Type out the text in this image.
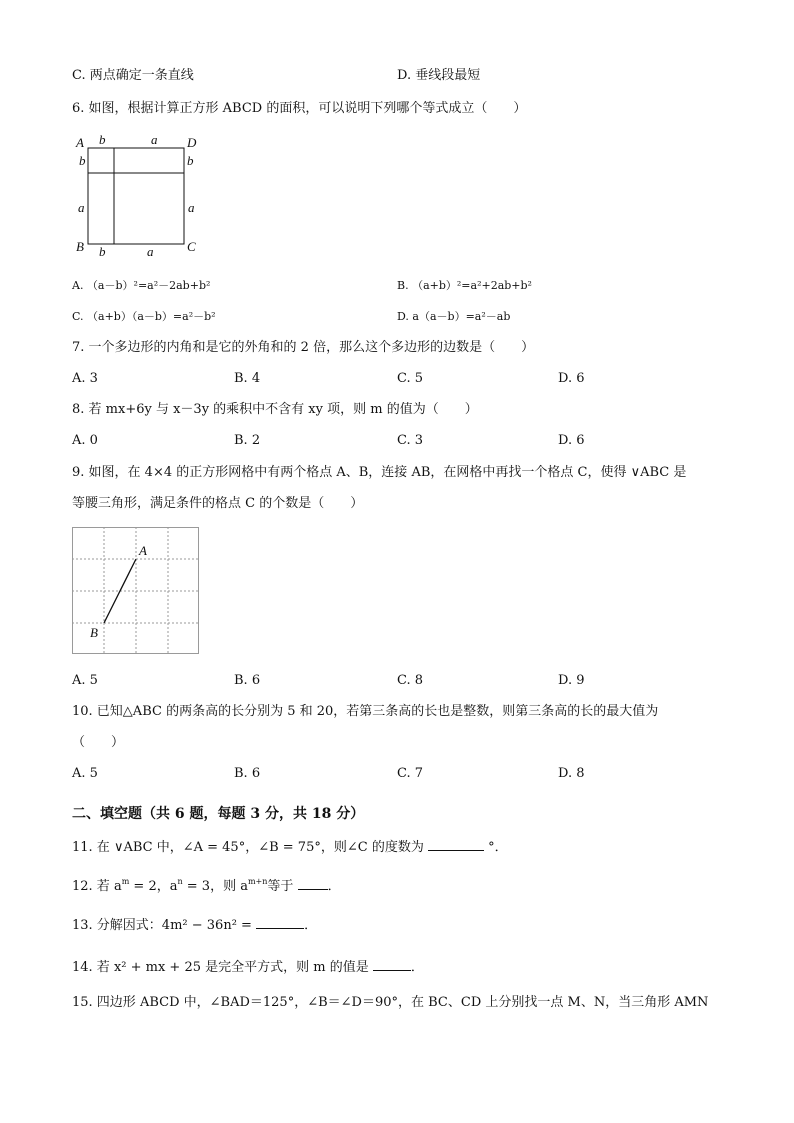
C. 两点确定一条直线	D. 垂线段最短
6. 如图，根据计算正方形 ABCD 的面积，可以说明下列哪个等式成立（　　）
A	D
B	C
b	a
b
a
b
a
b	a
A. （a－b）²=a²－2ab+b²	B. （a+b）²=a²+2ab+b²
C. （a+b）（a－b）=a²－b²	D. a（a－b）=a²－ab
7. 一个多边形的内角和是它的外角和的 2 倍，那么这个多边形的边数是（　　）
A. 3	B. 4	C. 5	D. 6
8. 若 mx+6y 与 x－3y 的乘积中不含有 xy 项，则 m 的值为（　　）
A. 0	B. 2	C. 3	D. 6
9. 如图，在 4×4 的正方形网格中有两个格点 A、B，连接 AB，在网格中再找一个格点 C，使得 ∨ABC 是
等腰三角形，满足条件的格点 C 的个数是（　　）
A
B
A. 5	B. 6	C. 8	D. 9
10. 已知△ABC 的两条高的长分别为 5 和 20，若第三条高的长也是整数，则第三条高的长的最大值为
（　　）
A. 5	B. 6	C. 7	D. 8
二、填空题（共 6 题，每题 3 分，共 18 分）
11. 在 ∨ABC 中，∠A = 45°，∠B = 75°，则∠C 的度数为	°．
12. 若 $a^m = 2$，$a^n = 3$，则 $a^{m+n}$等于	．
13. 分解因式：4m² − 36n² =	．
14. 若 x² + mx + 25 是完全平方式，则 m 的值是	．
15. 四边形 ABCD 中，∠BAD＝125°，∠B＝∠D＝90°，在 BC、CD 上分别找一点 M、N，当三角形 AMN
